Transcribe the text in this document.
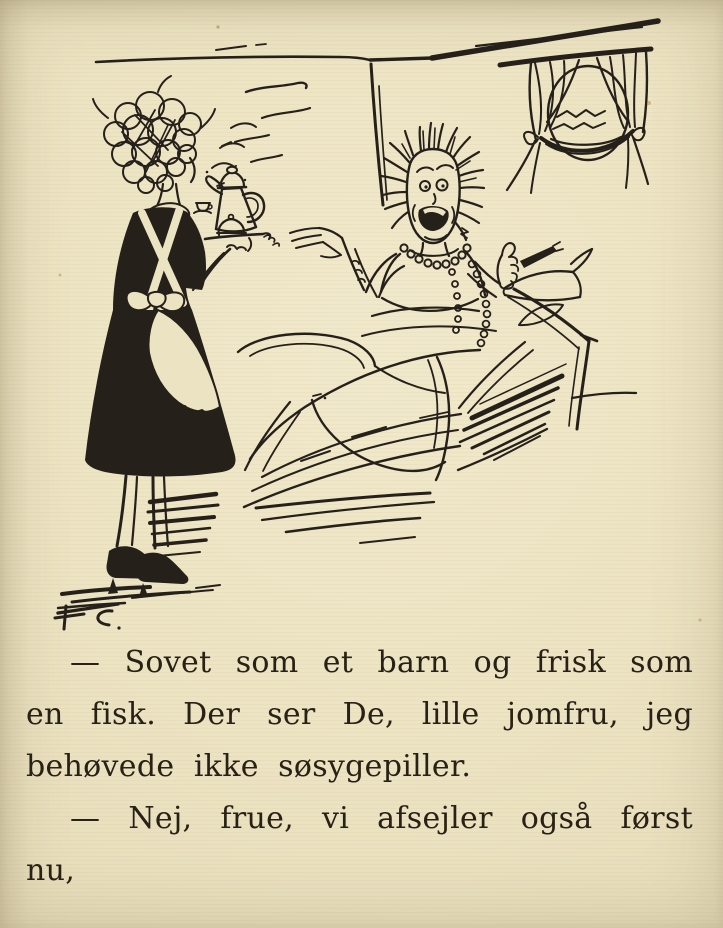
— Sovet som et barn og frisk som
en fisk. Der ser De, lille jomfru, jeg
behøvede ikke søsygepiller.
— Nej, frue, vi afsejler også først
nu,
